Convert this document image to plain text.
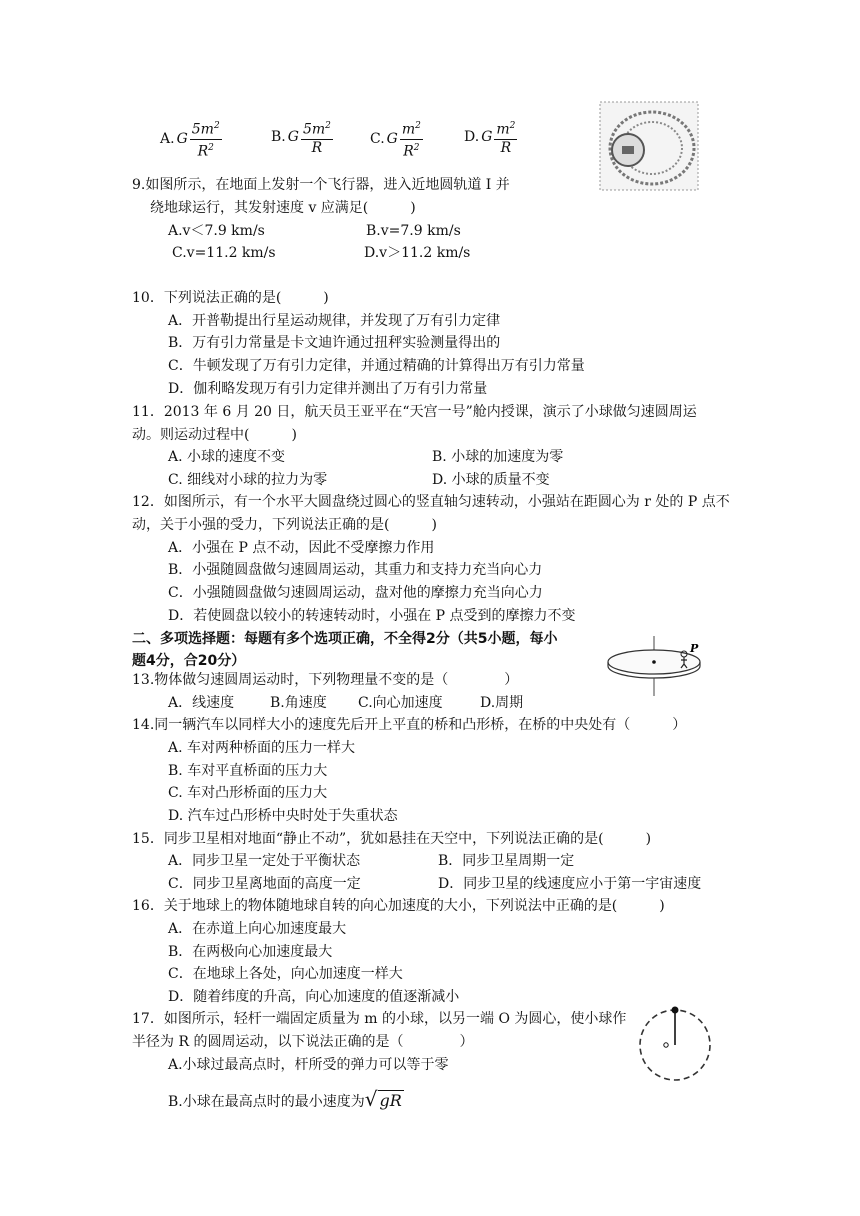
A. G $\frac{5m^2}{R^2}$	B. G $\frac{5m^2}{R}$	C. G $\frac{m^2}{R^2}$	D. G $\frac{m^2}{R}$
9.如图所示，在地面上发射一个飞行器，进入近地圆轨道 I 并
绕地球运行，其发射速度 v 应满足(　　　)
A.v＜7.9 km/s	B.v=7.9 km/s
C.v=11.2 km/s	D.v＞11.2 km/s
10．下列说法正确的是(　　　)
A．开普勒提出行星运动规律，并发现了万有引力定律
B．万有引力常量是卡文迪许通过扭秤实验测量得出的
C．牛顿发现了万有引力定律，并通过精确的计算得出万有引力常量
D．伽利略发现万有引力定律并测出了万有引力常量
11．2013 年 6 月 20 日，航天员王亚平在“天宫一号”舱内授课，演示了小球做匀速圆周运
动。则运动过程中(　　　)
A. 小球的速度不变	B. 小球的加速度为零
C. 细线对小球的拉力为零	D. 小球的质量不变
12．如图所示，有一个水平大圆盘绕过圆心的竖直轴匀速转动，小强站在距圆心为 r 处的 P 点不
动，关于小强的受力，下列说法正确的是(　　　)
A．小强在 P 点不动，因此不受摩擦力作用
B．小强随圆盘做匀速圆周运动，其重力和支持力充当向心力
C．小强随圆盘做匀速圆周运动，盘对他的摩擦力充当向心力
D．若使圆盘以较小的转速转动时，小强在 P 点受到的摩擦力不变
二、多项选择题：每题有多个选项正确，不全得2分（共5小题，每小
题4分，合20分）
P
13.物体做匀速圆周运动时，下列物理量不变的是（　　　　）
A．线速度	B.角速度 C.向心加速度	D.周期
14.同一辆汽车以同样大小的速度先后开上平直的桥和凸形桥，在桥的中央处有（　　　）
A. 车对两种桥面的压力一样大
B. 车对平直桥面的压力大
C. 车对凸形桥面的压力大
D. 汽车过凸形桥中央时处于失重状态
15．同步卫星相对地面“静止不动”，犹如悬挂在天空中，下列说法正确的是(　　　)
A．同步卫星一定处于平衡状态	B．同步卫星周期一定
C．同步卫星离地面的高度一定	D．同步卫星的线速度应小于第一宇宙速度
16．关于地球上的物体随地球自转的向心加速度的大小，下列说法中正确的是(　　　)
A．在赤道上向心加速度最大
B．在两极向心加速度最大
C．在地球上各处，向心加速度一样大
D．随着纬度的升高，向心加速度的值逐渐减小
17．如图所示，轻杆一端固定质量为 m 的小球，以另一端 O 为圆心，使小球作
半径为 R 的圆周运动，以下说法正确的是（　　　　）
A.小球过最高点时，杆所受的弹力可以等于零
B.小球在最高点时的最小速度为√ gR
